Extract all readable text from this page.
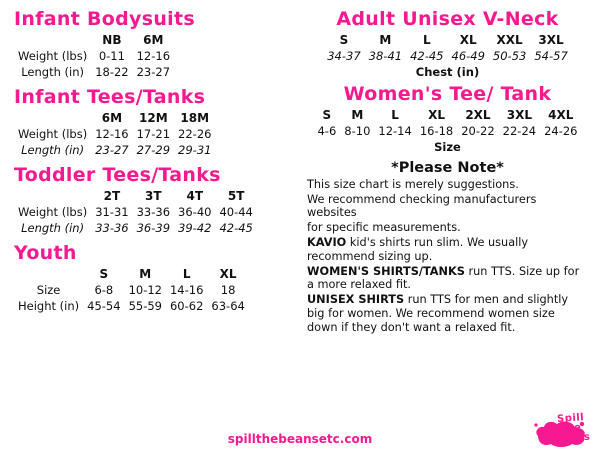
Infant Bodysuits
	NB	6M
Weight (lbs)	0-11	12-16
Length (in)	18-22	23-27
Infant Tees/Tanks
	6M	12M	18M
Weight (lbs)	12-16	17-21	22-26
Length (in)	23-27	27-29	29-31
Toddler Tees/Tanks
	2T	3T	4T	5T
Weight (lbs)	31-31	33-36	36-40	40-44
Length (in)	33-36	36-39	39-42	42-45
Youth
	S	M	L	XL
Size	6-8	10-12	14-16	18
Height (in)	45-54	55-59	60-62	63-64
Adult Unisex V-Neck
S	M	L	XL	XXL	3XL
34-37	38-41	42-45	46-49	50-53	54-57
Chest (in)
Women's Tee/ Tank
S	M	L	XL	2XL	3XL	4XL
4-6	8-10	12-14	16-18	20-22	22-24	24-26
Size
*Please Note*

This size chart is merely suggestions.

We recommend checking manufacturers websites

for specific measurements.

KAVIO kid's shirts run slim. We usually recommend sizing up.

WOMEN'S SHIRTS/TANKS run TTS. Size up for a more relaxed fit.

UNISEX SHIRTS run TTS for men and slightly big for women. We recommend women size down if they don't want a relaxed fit.

spillthebeansetc.com
Spill
the
Beans
